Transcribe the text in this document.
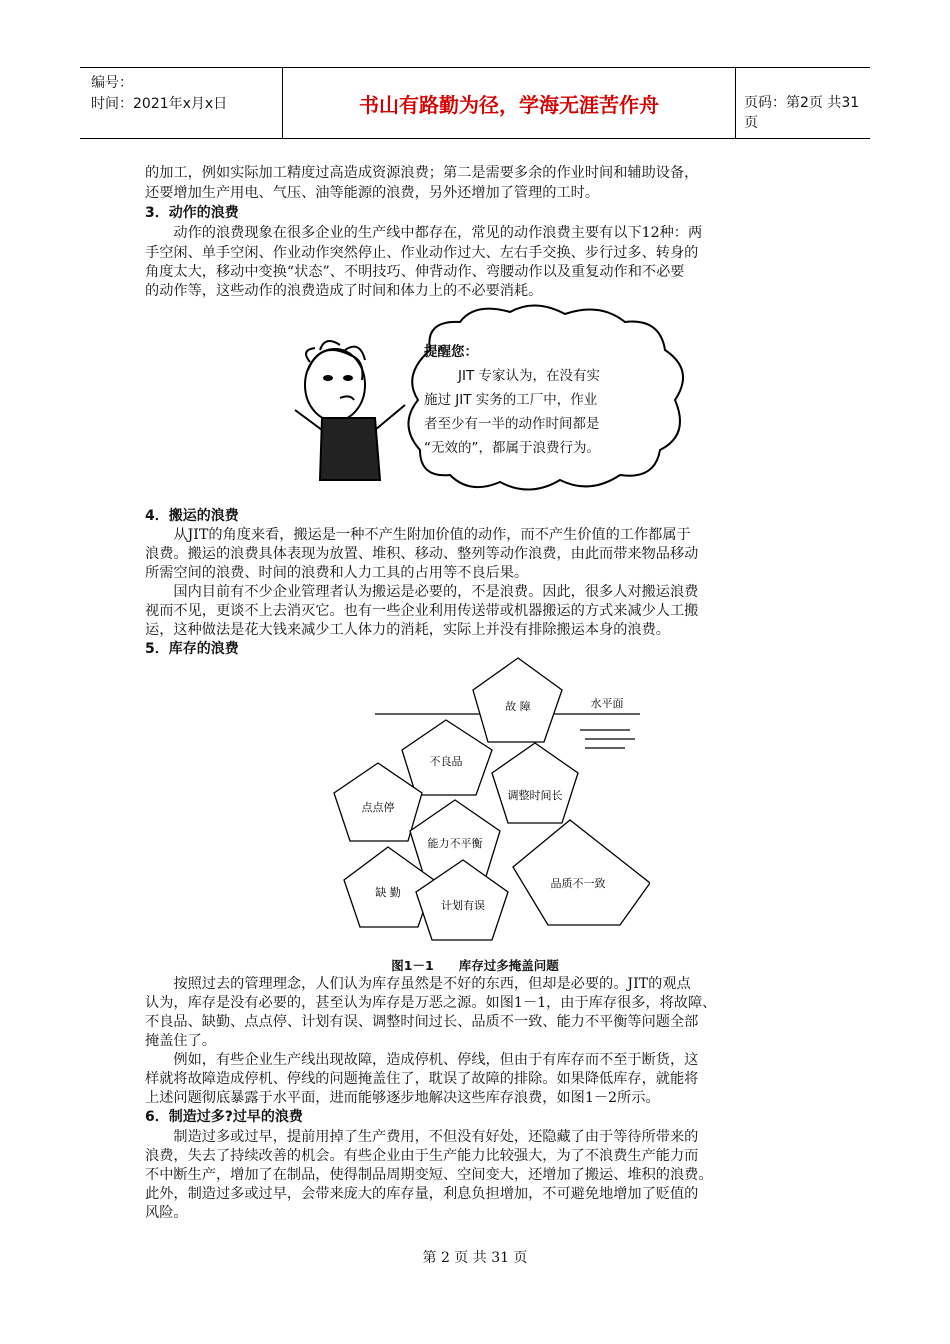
编号：
时间：2021年x月x日	书山有路勤为径，学海无涯苦作舟	页码：第2页 共31页
的加工，例如实际加工精度过高造成资源浪费；第二是需要多余的作业时间和辅助设备，
还要增加生产用电、气压、油等能源的浪费，另外还增加了管理的工时。
3．动作的浪费
　　动作的浪费现象在很多企业的生产线中都存在，常见的动作浪费主要有以下12种：两
手空闲、单手空闲、作业动作突然停止、作业动作过大、左右手交换、步行过多、转身的
角度太大，移动中变换“状态”、不明技巧、伸背动作、弯腰动作以及重复动作和不必要
的动作等，这些动作的浪费造成了时间和体力上的不必要消耗。
4．搬运的浪费
　　从JIT的角度来看，搬运是一种不产生附加价值的动作，而不产生价值的工作都属于
浪费。搬运的浪费具体表现为放置、堆积、移动、整列等动作浪费，由此而带来物品移动
所需空间的浪费、时间的浪费和人力工具的占用等不良后果。
　　国内目前有不少企业管理者认为搬运是必要的，不是浪费。因此，很多人对搬运浪费
视而不见，更谈不上去消灭它。也有一些企业利用传送带或机器搬运的方式来减少人工搬
运，这种做法是花大钱来减少工人体力的消耗，实际上并没有排除搬运本身的浪费。
5．库存的浪费
　　按照过去的管理理念，人们认为库存虽然是不好的东西，但却是必要的。JIT的观点
认为，库存是没有必要的，甚至认为库存是万恶之源。如图1－1，由于库存很多，将故障、
不良品、缺勤、点点停、计划有误、调整时间过长、品质不一致、能力不平衡等问题全部
掩盖住了。
　　例如，有些企业生产线出现故障，造成停机、停线，但由于有库存而不至于断货，这
样就将故障造成停机、停线的问题掩盖住了，耽误了故障的排除。如果降低库存，就能将
上述问题彻底暴露于水平面，进而能够逐步地解决这些库存浪费，如图1－2所示。
6．制造过多?过早的浪费
　　制造过多或过早，提前用掉了生产费用，不但没有好处，还隐藏了由于等待所带来的
浪费，失去了持续改善的机会。有些企业由于生产能力比较强大，为了不浪费生产能力而
不中断生产，增加了在制品，使得制品周期变短、空间变大，还增加了搬运、堆积的浪费。
此外，制造过多或过早，会带来庞大的库存量，利息负担增加，不可避免地增加了贬值的
风险。
提醒您：
JIT 专家认为，在没有实
施过 JIT 实务的工厂中，作业
者至少有一半的动作时间都是
“无效的”，都属于浪费行为。
水平面
故 障
不良品
调整时间长
点点停
能力不平衡
品质不一致
缺 勤
计划有误
图1－1　　库存过多掩盖问题
第 2 页 共 31 页
